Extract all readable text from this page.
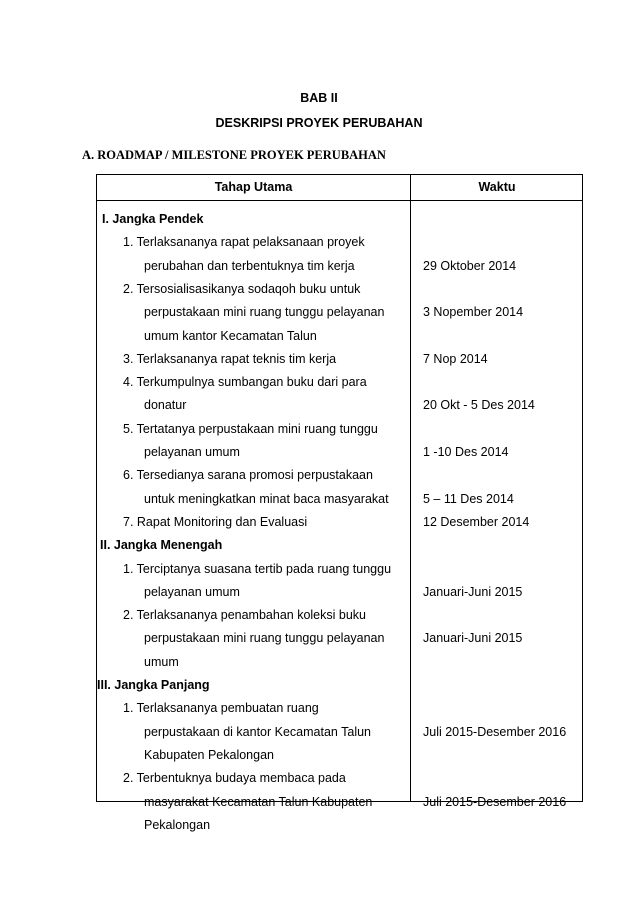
BAB II
DESKRIPSI PROYEK PERUBAHAN
A. ROADMAP / MILESTONE PROYEK PERUBAHAN
Tahap Utama	Waktu
I. Jangka Pendek
1. Terlaksananya rapat pelaksanaan proyek
perubahan dan terbentuknya tim kerja	29 Oktober 2014
2. Tersosialisasikanya sodaqoh buku untuk
perpustakaan mini ruang tunggu pelayanan	3 Nopember 2014
umum kantor Kecamatan Talun
3. Terlaksananya rapat teknis tim kerja	7 Nop 2014
4. Terkumpulnya sumbangan buku dari para
donatur	20 Okt - 5 Des 2014
5. Tertatanya perpustakaan mini ruang tunggu
pelayanan umum	1 -10 Des 2014
6. Tersedianya sarana promosi perpustakaan
untuk meningkatkan minat baca masyarakat	5 – 11 Des 2014
7. Rapat Monitoring dan Evaluasi	12 Desember 2014
II. Jangka Menengah
1. Terciptanya suasana tertib pada ruang tunggu
pelayanan umum	Januari-Juni 2015
2. Terlaksananya penambahan koleksi buku
perpustakaan mini ruang tunggu pelayanan	Januari-Juni 2015
umum
III. Jangka Panjang
1. Terlaksananya pembuatan ruang
perpustakaan di kantor Kecamatan Talun	Juli 2015-Desember 2016
Kabupaten Pekalongan
2. Terbentuknya budaya membaca pada
masyarakat Kecamatan Talun Kabupaten	Juli 2015-Desember 2016
Pekalongan
